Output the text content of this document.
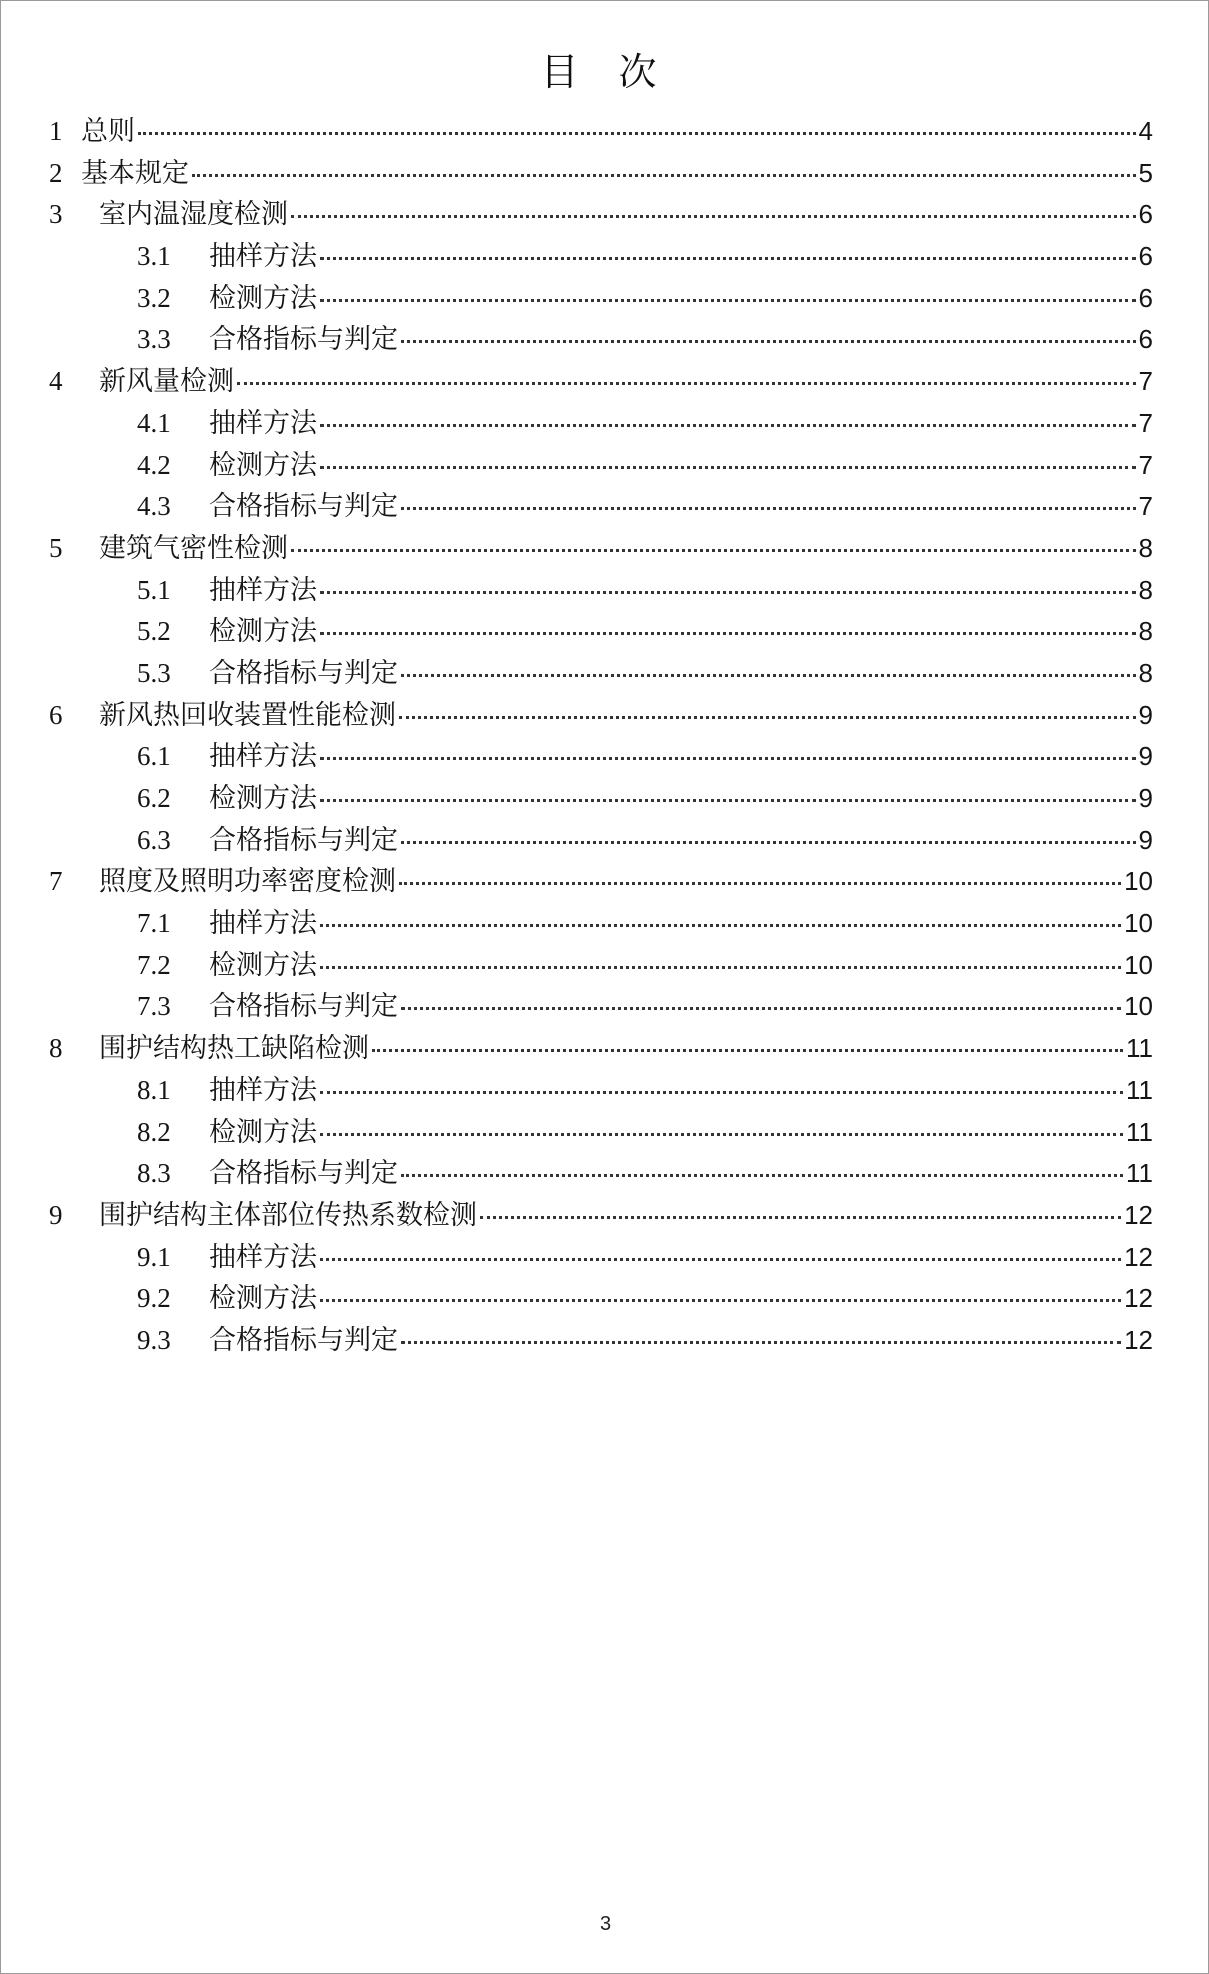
目 次
1 总则	4
2 基本规定	5
3	室内温湿度检测	6
3.1	抽样方法	6
3.2	检测方法	6
3.3	合格指标与判定	6
4	新风量检测	7
4.1	抽样方法	7
4.2	检测方法	7
4.3	合格指标与判定	7
5	建筑气密性检测	8
5.1	抽样方法	8
5.2	检测方法	8
5.3	合格指标与判定	8
6	新风热回收装置性能检测	9
6.1	抽样方法	9
6.2	检测方法	9
6.3	合格指标与判定	9
7	照度及照明功率密度检测	10
7.1	抽样方法	10
7.2	检测方法	10
7.3	合格指标与判定	10
8	围护结构热工缺陷检测	11
8.1	抽样方法	11
8.2	检测方法	11
8.3	合格指标与判定	11
9	围护结构主体部位传热系数检测	12
9.1	抽样方法	12
9.2	检测方法	12
9.3	合格指标与判定	12
3
